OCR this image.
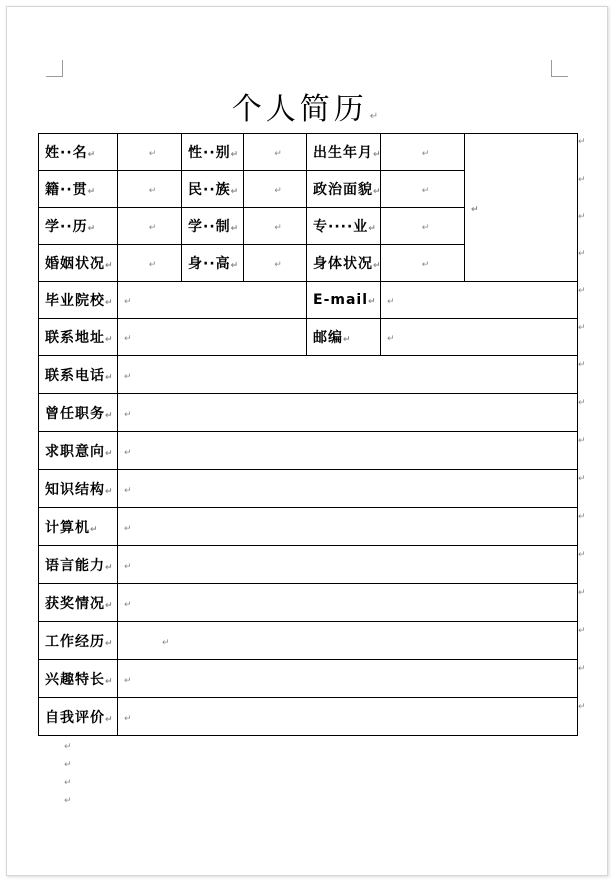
个人简历 ↵
姓··名↵	↵	性··别↵	↵	出生年月↵	↵	↵
籍··贯↵	↵	民··族↵	↵	政治面貌↵	↵	
学··历↵	↵	学··制↵	↵	专····业↵	↵	
婚姻状况↵	↵	身··高↵	↵	身体状况↵	↵	
毕业院校↵	↵			E-mail↵	↵	
联系地址↵	↵			邮编↵	↵	
联系电话↵	↵					
曾任职务↵	↵					
求职意向↵	↵					
知识结构↵	↵					
计算机↵	↵					
语言能力↵	↵					
获奖情况↵	↵					
工作经历↵	↵					
兴趣特长↵	↵					
自我评价↵	↵					
↵
↵
↵
↵
↵
↵
↵
↵
↵
↵
↵
↵
↵
↵
↵
↵
↵
↵
↵
↵
